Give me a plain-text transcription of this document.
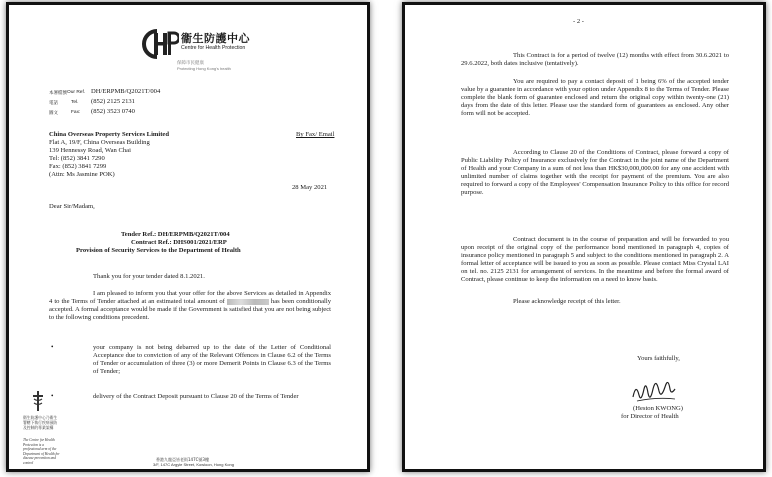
衞生防護中心
Centre for Health Protection
保障市民健康
Protecting Hong Kong's health
本署檔號 Our Ref. DH/ERPMB/Q2021T/004
電話	Tel. (852) 2125 2131
圖文	Fax: (852) 3523 0740
China Overseas Property Services Limited
Flat A, 19/F, China Overseas Building
139 Hennessy Road, Wan Chai
Tel: (852) 3841 7290
Fax: (852) 3841 7299
(Attn: Ms Jasmine POK)
By Fax/ Email
28 May 2021
Dear Sir/Madam,
Tender Ref.: DH/ERPMB/Q2021T/004
Contract Ref.: DHS001/2021/ERP
Provision of Security Services to the Department of Health
Thank you for your tender dated 8.1.2021.
I am pleased to inform you that your offer for the above Services as detailed in Appendix 4 to the Terms of Tender attached at an estimated total amount of	has been conditionally accepted. A formal acceptance would be made if the Government is satisfied that you are not being subject to the following conditions precedent.
•	your company is not being debarred up to the date of the Letter of Conditional Acceptance due to conviction of any of the Relevant Offences in Clause 6.2 of the Terms of Tender or accumulation of three (3) or more Demerit Points in Clause 6.3 of the Terms of Tender;
•	delivery of the Contract Deposit pursuant to Clause 20 of the Terms of Tender
衞生防護中心乃衞生署轄下執行疾病預防及控制的專業架構
The Centre for Health Protection is a professional arm of the Department of Health for disease prevention and control
香港九龍亞皆老街147C號3樓
3/F, 147C Argyle Street, Kowloon, Hong Kong
- 2 -
This Contract is for a period of twelve (12) months with effect from 30.6.2021 to 29.6.2022, both dates inclusive (tentatively).
You are required to pay a contact deposit of 1 being 6% of the accepted tender value by a guarantee in accordance with your option under Appendix 8 to the Terms of Tender. Please complete the blank form of guarantee enclosed and return the original copy within twenty-one (21) days from the date of this letter. Please use the standard form of guarantees as enclosed. Any other form will not be accepted.
According to Clause 20 of the Conditions of Contract, please forward a copy of Public Liability Policy of Insurance exclusively for the Contract in the joint name of the Department of Health and your Company in a sum of not less than HK$30,000,000.00 for any one accident with unlimited number of claims together with the receipt for payment of the premium. You are also required to forward a copy of the Employees' Compensation Insurance Policy to this office for record purpose.
Contract document is in the course of preparation and will be forwarded to you upon receipt of the original copy of the performance bond mentioned in paragraph 4, copies of insurance policy mentioned in paragraph 5 and subject to the conditions mentioned in paragraph 2. A formal letter of acceptance will be issued to you as soon as possible. Please contact Miss Crystal LAI on tel. no. 2125 2131 for arrangement of services. In the meantime and before the formal award of Contract, please continue to keep the information on a need to know basis.
Please acknowledge receipt of this letter.
Yours faithfully,
(Heston KWONG)
for Director of Health
